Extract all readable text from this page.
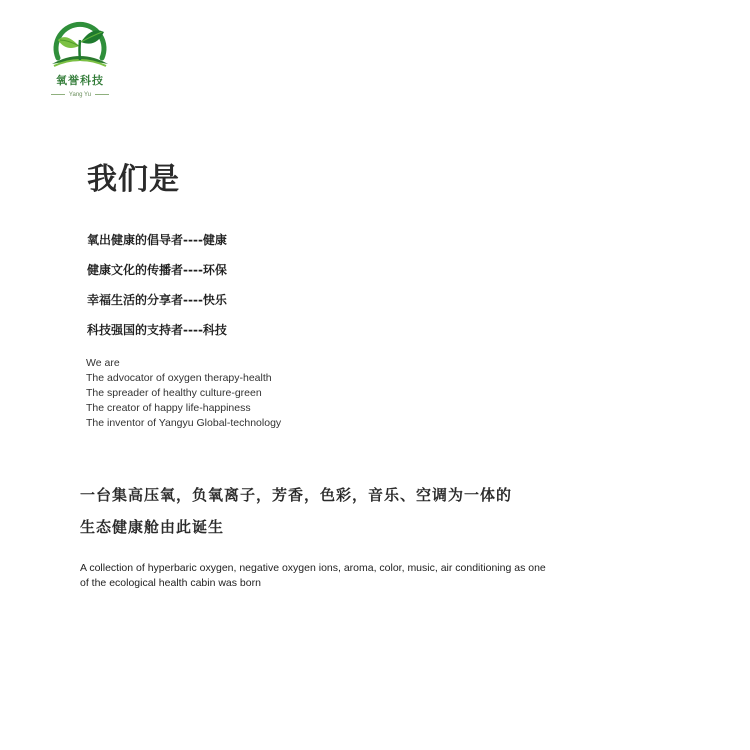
氧誉科技
Yang Yu
我们是
氧出健康的倡导者----健康
健康文化的传播者----环保
幸福生活的分享者----快乐
科技强国的支持者----科技
We are
The advocator of oxygen therapy-health
The spreader of healthy culture-green
The creator of happy life-happiness
The inventor of Yangyu Global-technology
一台集高压氧，负氧离子，芳香，色彩，音乐、空调为一体的
生态健康舱由此诞生
A collection of hyperbaric oxygen, negative oxygen ions, aroma, color, music, air conditioning as one
of the ecological health cabin was born
